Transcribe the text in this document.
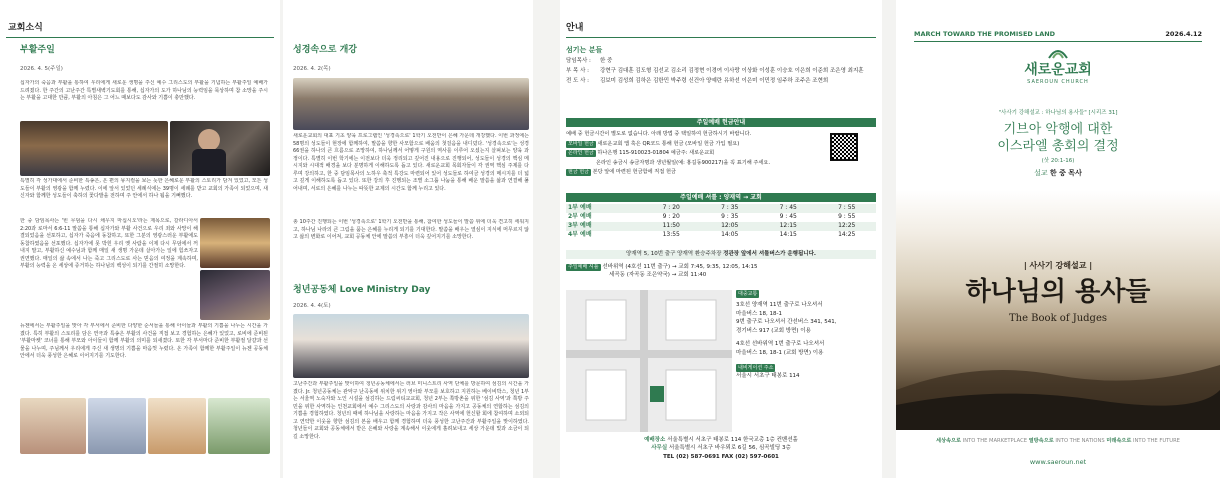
교회소식
부활주일
2026. 4. 5(주일)
십자가의 죽음과 부활을 통하여 우리에게 새로운 생명을 주신 예수 그리스도의 부활을 기념하는 부활주일 예배가 드려졌다. 한 주간의 고난주간 특별새벽기도회를 통해, 십자가의 도가 하나님의 능력임을 묵상하며 참 소망을 주시는 부활을 고대한 만큼, 부활의 아침은 그 어느 때보다도 감사와 기쁨이 충만했다.
특별히 각 성가대에서 준비한 특송은, 온 편의 뮤지컬을 보는 듯한 은혜로운 부활의 스토리가 담겨 있었고, 모든 성도들이 부활의 영광을 함께 누렸다. 이에 앞서 있었던 세례식에는 39명이 세례를 받고 교회의 가족이 되었으며, 새신자와 함께한 성도들이 축하의 꽃다발을 전하며 주 안에서 하나 됨을 기뻐했다.
한 중 담임목사는 '빈 무덤을 다시 채우지 마십시오'라는 제목으로, 갈라디아서 2:20과 로마서 6:6-11 말씀을 통해 십자가와 부활 사건으로 우리 죄와 사망이 해결되었음을 선포하고, 십자가 죽음에 동참하고, 또한 그분의 영광스러운 부활에도 동참하였음을 선포했다. 십자가에 못 박힌 우리 옛 사람을 이제 다시 무덤에서 꺼내지 말고, 부활하신 예수님과 함께 매일 새 생명 가운데 살아가는 일에 힘쓰자고 권면했다. 매일의 삶 속에서 나는 죽고 그리스도로 사는 믿음의 여정을 계속하며, 부활의 능력을 온 세상에 증거하는 하나님의 백성이 되기를 간절히 소망한다.
뉴젠에서는 부활주일을 맞아 각 부서에서 준비한 다양한 순서들을 통해 아이들과 부활의 기쁨을 나누는 시간을 가졌다. 특히 부활의 스토리를 담은 연극과 특송은 부활의 사건을 직접 보고 경험하는 은혜가 있었고, 로비에 준비된 '부활마켓' 코너를 통해 부모와 아이들이 함께 부활의 의미를 되새겼다. 또한 각 부서마다 준비한 부활절 달걀과 선물을 나누며, 주님께서 우리에게 주신 새 생명의 기쁨을 마음껏 누렸다. 온 가족이 함께한 부활주일이 뉴젠 공동체 안에서 더욱 풍성한 은혜로 이어지기를 기도한다.
성경속으로 개강
2026. 4. 2(목)
새로운교회의 대표 기초 양육 프로그램인 '성경속으로' 1학기 오전반이 은혜 가운데 개강했다. 이번 과정에는 58명의 성도들이 현장에 함께하여, 말씀을 향한 사모함으로 배움의 첫걸음을 내디뎠다. '성경속으로'는 성경 66권을 하나의 큰 흐름으로 조망하여, 하나님께서 어떻게 구원의 역사를 이루어 오셨는지 살펴보는 양육 과정이다. 특별히 이번 학기에는 이전보다 더욱 정리되고 깊어진 내용으로 진행되어, 성도들이 성경의 핵심 메시지와 시대적 배경을 보다 분명하게 이해하도록 돕고 있다. 새로운교회 목회자들이 각 권역 핵심 주제를 다루며 강의하고, 한 중 담임목사의 노하우 축적 특강도 마련되어 있어 성도들로 하여금 성경의 메시지를 더 넓고 깊게 이해하도록 돕고 있다. 또한 강의 후 진행되는 조별 소그룹 나눔을 통해 배운 말씀을 삶과 연결해 풀어내며, 서로의 은혜를 나누는 따뜻한 교제의 시간도 함께 누리고 있다.
총 10주간 진행되는 이번 '성경속으로' 1학기 오전반을 통해, 참여한 성도들이 말씀 위에 더욱 견고히 세워지고, 하나님 나라의 큰 그림을 품는 은혜를 누리게 되기를 기대한다. 말씀을 배우는 열심이 지식에 머무르지 않고 삶의 변화로 이어져, 교회 공동체 안에 말씀의 부흥이 더욱 깊어지기를 소망한다.
청년공동체 Love Ministry Day
2026. 4. 4(토)
고난주간과 부활주일을 맞이하여 청년공동체에서는 러브 미니스트리 사역 단체를 방문하여 섬김의 시간을 가졌다. Jr. 청년공동체는 관악구 난곡동에 위치한 위기 영아와 부모를 보호하고 지원하는 베이비박스, 청년 1부는 서울역 노숙자와 노인 시설을 섬김하는 드림씨티교교회, 청년 2부는 쪽방촌을 위한 '섬김 사역'과 쪽방 주민을 위한 사역하는 인천교회에서 예수 그리스도의 사랑과 감사의 마음을 가지고 공동체의 연합하는 섬김의 기쁨을 경험하였다. 청년의 때에 하나님을 사랑하는 마음을 가지고 작은 사역에 헌신할 회에 참여하며 소외되고 연약한 이웃을 향한 섬김의 본을 배우고 함께 경험하며 더욱 풍성한 고난주간과 부활주일을 맞이하였다. 청년들이 교회와 공동체에서 받은 은혜와 사랑을 계속해서 이웃에게 흘려보내고 세상 가운데 빛과 소금이 되길 소망한다.
안내
섬기는 분들
담임목사 :	한 중
부 목 사 :	강현구 김대훈 김도형 김선교 김소리 김정현 이경여 이사랑 이상화 이성훈 이승호 이은희 이준희 조은영 최지훈
전 도 사 :	김보미 김성희 김하은 김한민 박주령 신건아 양예란 유하선 이은미 이민정 임주하 조주은 조현희
주일예배 헌금안내
예배 중 헌금시간이 별도로 없습니다. 아래 방법 중 택일하여 헌금하시기 바랍니다.
모바일 헌금 새로운교회 앱 혹은 QR코드 통해 헌금 (모바일 헌금 가입 필요)
온라인 헌금 하나은행 115-910023-01804 예금주: 새로운교회
온라인 송금시 송금자명과 생년월일(예: 홍길동900217)을 꼭 표기해 주세요.
현금 헌금 본당 앞에 마련된 헌금함에 직접 헌금
주일예배 셔틀 : 양재역 → 교회
1부 예배	7 : 20	7 : 35	7 : 45	7 : 55
2부 예배	9 : 20	9 : 35	9 : 45	9 : 55
3부 예배	11:50	12:05	12:15	12:25
4부 예배	13:55	14:05	14:15	14:25
양재역 5, 10번 출구 양재역 환승주차장 정관장 앞에서 셔틀버스가 운행됩니다.
주일예배 셔틀 선바위역 (4호선 11번 출구) → 교회 7:45, 9:35, 12:05, 14:15
세곡동 (자곡동 조은약국) → 교회 11:40
대중교통
3호선 양재역 11번 출구로 나오셔서
마을버스 18, 18-1
9번 출구로 나오셔서 간선버스 341, 541,
경기버스 917 (교회 방면) 이용
4호선 선바위역 1번 출구로 나오셔서
마을버스 18, 18-1 (교회 방면) 이용
내비게이션 주소
서울시 서초구 태봉로 114
예배장소 서울특별시 서초구 태봉로 114 한국교총 1층 컨벤션홀
사무실 서울특별시 서초구 바우뫼로 6길 56, 심곡빌딩 3층
TEL (02) 587-0691 FAX (02) 597-0601
MARCH TOWARD THE PROMISED LAND	2026.4.12
새로운교회
SAEROUN CHURCH
"사사기 강해설교 : 하나님의 용사들" [시리즈 31]
기브아 악행에 대한
이스라엘 총회의 결정
(삿 20:1-16)
설교 한 중 목사
| 사사기 강해설교 |
하나님의 용사들
The Book of Judges
세상속으로 INTO THE MARKETPLACE 열방속으로 INTO THE NATIONS 미래속으로 INTO THE FUTURE
www.saeroun.net
